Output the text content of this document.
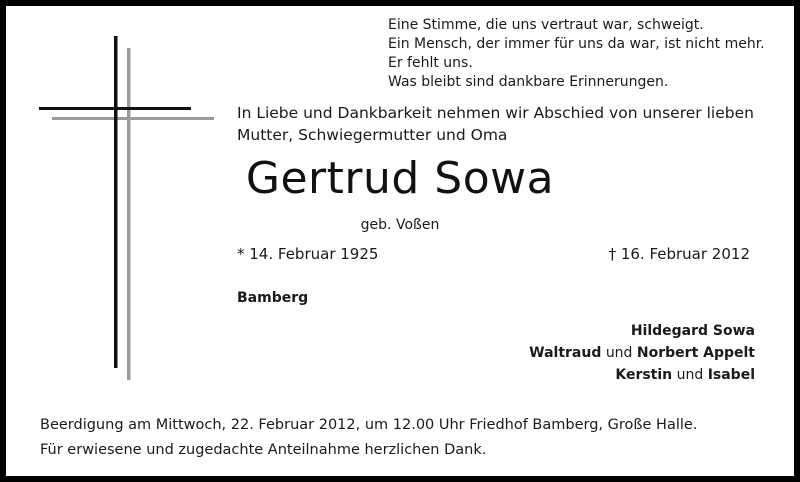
Eine Stimme, die uns vertraut war, schweigt.
Ein Mensch, der immer für uns da war, ist nicht mehr.
Er fehlt uns.
Was bleibt sind dankbare Erinnerungen.
In Liebe und Dankbarkeit nehmen wir Abschied von unserer lieben
Mutter, Schwiegermutter und Oma
Gertrud Sowa
geb. Voßen
* 14. Februar 1925	† 16. Februar 2012
Bamberg
Hildegard Sowa
Waltraud und Norbert Appelt
Kerstin und Isabel
Beerdigung am Mittwoch, 22. Februar 2012, um 12.00 Uhr Friedhof Bamberg, Große Halle.
Für erwiesene und zugedachte Anteilnahme herzlichen Dank.
